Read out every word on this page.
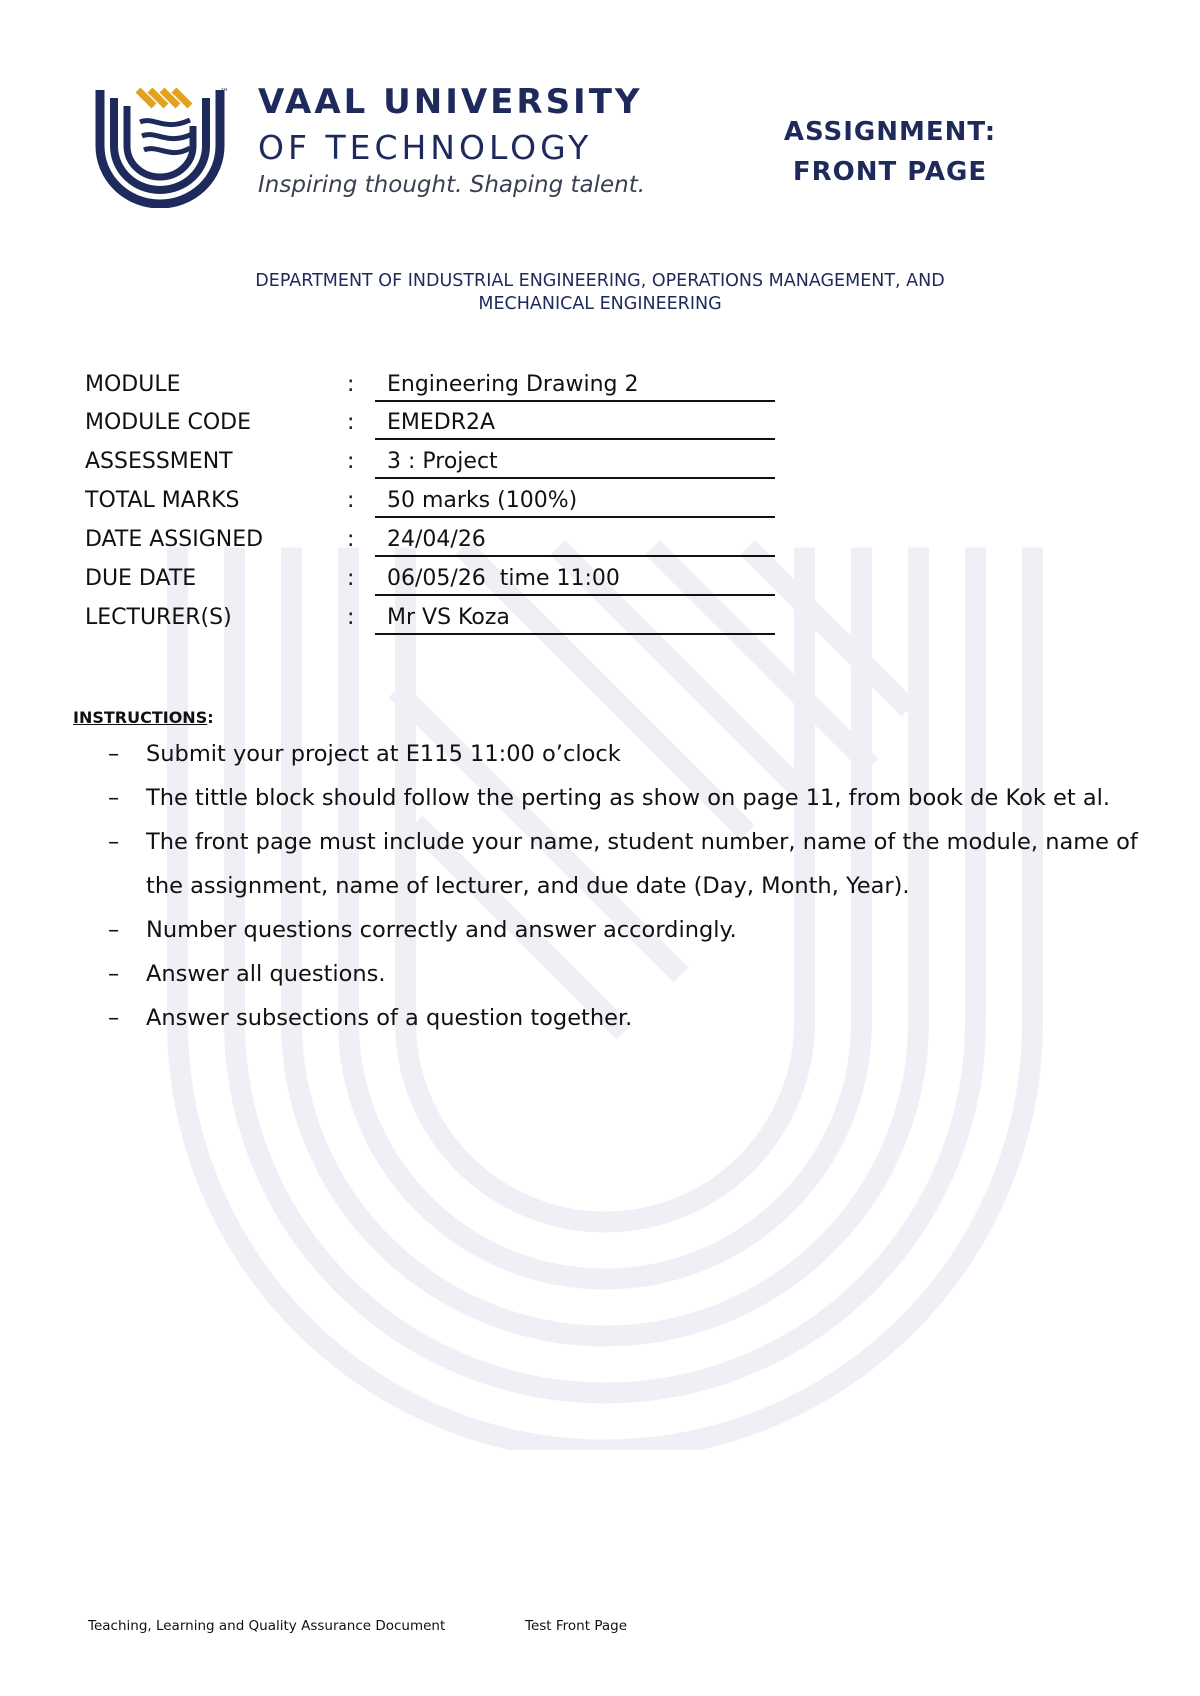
™ VAAL UNIVERSITY
OF TECHNOLOGY
Inspiring thought. Shaping talent.
ASSIGNMENT:
FRONT PAGE
DEPARTMENT OF INDUSTRIAL ENGINEERING, OPERATIONS MANAGEMENT, AND
MECHANICAL ENGINEERING
MODULE	:	Engineering Drawing 2
MODULE CODE	:	EMEDR2A
ASSESSMENT	:	3 : Project
TOTAL MARKS	:	50 marks (100%)
DATE ASSIGNED	:	24/04/26
DUE DATE	:	06/05/26  time 11:00
LECTURER(S)	:	Mr VS Koza
INSTRUCTIONS:
– Submit your project at E115 11:00 o’clock
– The tittle block should follow the perting as show on page 11, from book de Kok et al.
– The front page must include your name, student number, name of the module, name of the assignment, name of lecturer, and due date (Day, Month, Year).
– Number questions correctly and answer accordingly.
– Answer all questions.
– Answer subsections of a question together.
Teaching, Learning and Quality Assurance Document	Test Front Page
